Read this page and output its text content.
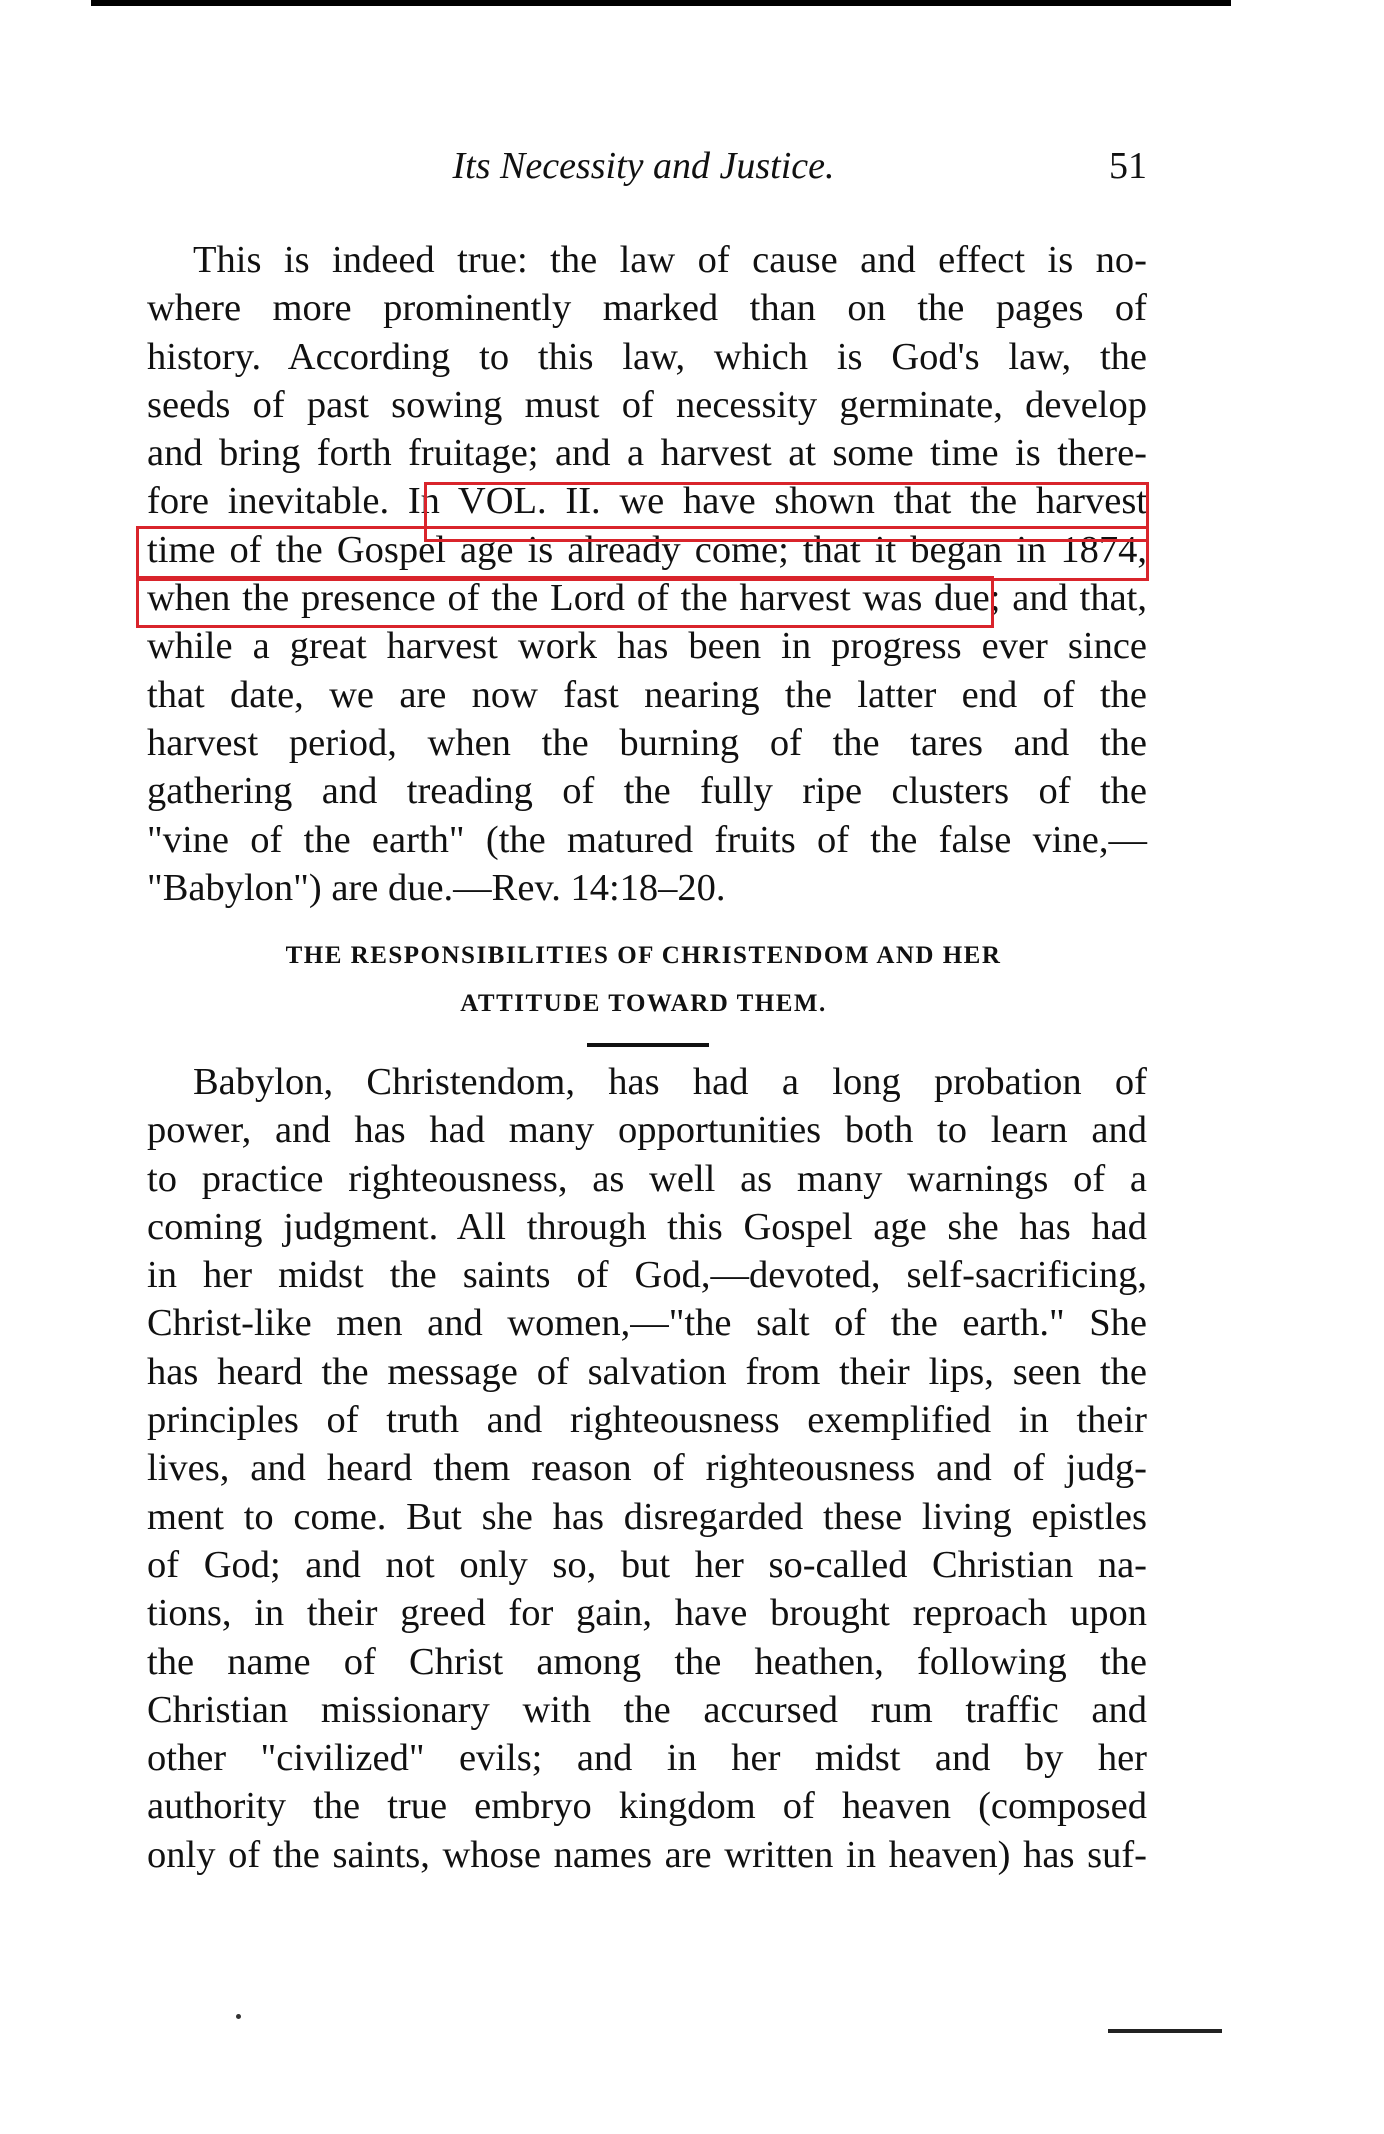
Its Necessity and Justice.	51
This is indeed true: the law of cause and effect is no-
where more prominently marked than on the pages of
history. According to this law, which is God's law, the
seeds of past sowing must of necessity germinate, develop
and bring forth fruitage; and a harvest at some time is there-
fore inevitable. In VOL. II. we have shown that the harvest
time of the Gospel age is already come; that it began in 1874,
when the presence of the Lord of the harvest was due; and that,
while a great harvest work has been in progress ever since
that date, we are now fast nearing the latter end of the
harvest period, when the burning of the tares and the
gathering and treading of the fully ripe clusters of the
"vine of the earth" (the matured fruits of the false vine,—
"Babylon") are due.—Rev. 14:18–20.
THE RESPONSIBILITIES OF CHRISTENDOM AND HER
ATTITUDE TOWARD THEM.
Babylon, Christendom, has had a long probation of
power, and has had many opportunities both to learn and
to practice righteousness, as well as many warnings of a
coming judgment. All through this Gospel age she has had
in her midst the saints of God,—devoted, self-sacrificing,
Christ-like men and women,—"the salt of the earth." She
has heard the message of salvation from their lips, seen the
principles of truth and righteousness exemplified in their
lives, and heard them reason of righteousness and of judg-
ment to come. But she has disregarded these living epistles
of God; and not only so, but her so-called Christian na-
tions, in their greed for gain, have brought reproach upon
the name of Christ among the heathen, following the
Christian missionary with the accursed rum traffic and
other "civilized" evils; and in her midst and by her
authority the true embryo kingdom of heaven (composed
only of the saints, whose names are written in heaven) has suf-
